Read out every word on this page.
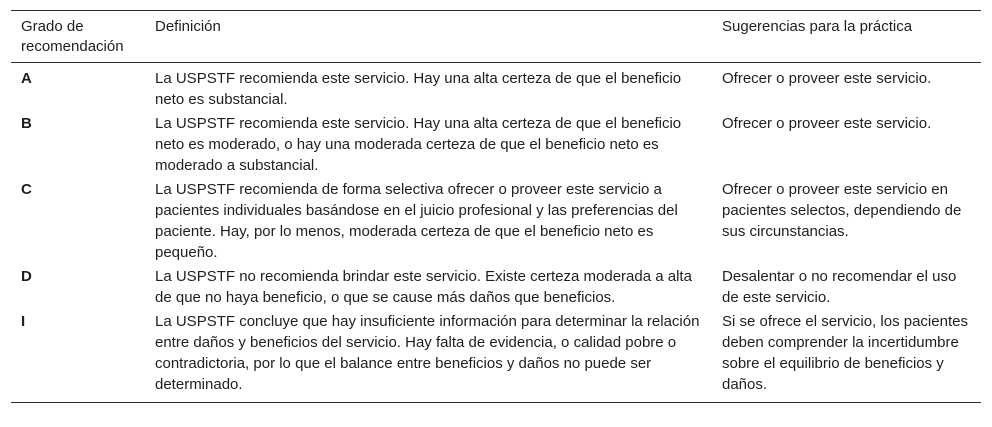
Grado de recomendación	Definición	Sugerencias para la práctica
A	La USPSTF recomienda este servicio. Hay una alta certeza de que el beneficio neto es substancial.	Ofrecer o proveer este servicio.
B	La USPSTF recomienda este servicio. Hay una alta certeza de que el beneficio neto es moderado, o hay una moderada certeza de que el beneficio neto es moderado a substancial.	Ofrecer o proveer este servicio.
C	La USPSTF recomienda de forma selectiva ofrecer o proveer este servicio a pacientes individuales basándose en el juicio profesional y las preferencias del paciente. Hay, por lo menos, moderada certeza de que el beneficio neto es pequeño.	Ofrecer o proveer este servicio en pacientes selectos, dependiendo de sus circunstancias.
D	La USPSTF no recomienda brindar este servicio. Existe certeza moderada a alta de que no haya beneficio, o que se cause más daños que beneficios.	Desalentar o no recomendar el uso de este servicio.
I	La USPSTF concluye que hay insuficiente información para determinar la relación entre daños y beneficios del servicio. Hay falta de evidencia, o calidad pobre o contradictoria, por lo que el balance entre beneficios y daños no puede ser determinado.	Si se ofrece el servicio, los pacientes deben comprender la incertidumbre sobre el equilibrio de beneficios y daños.
